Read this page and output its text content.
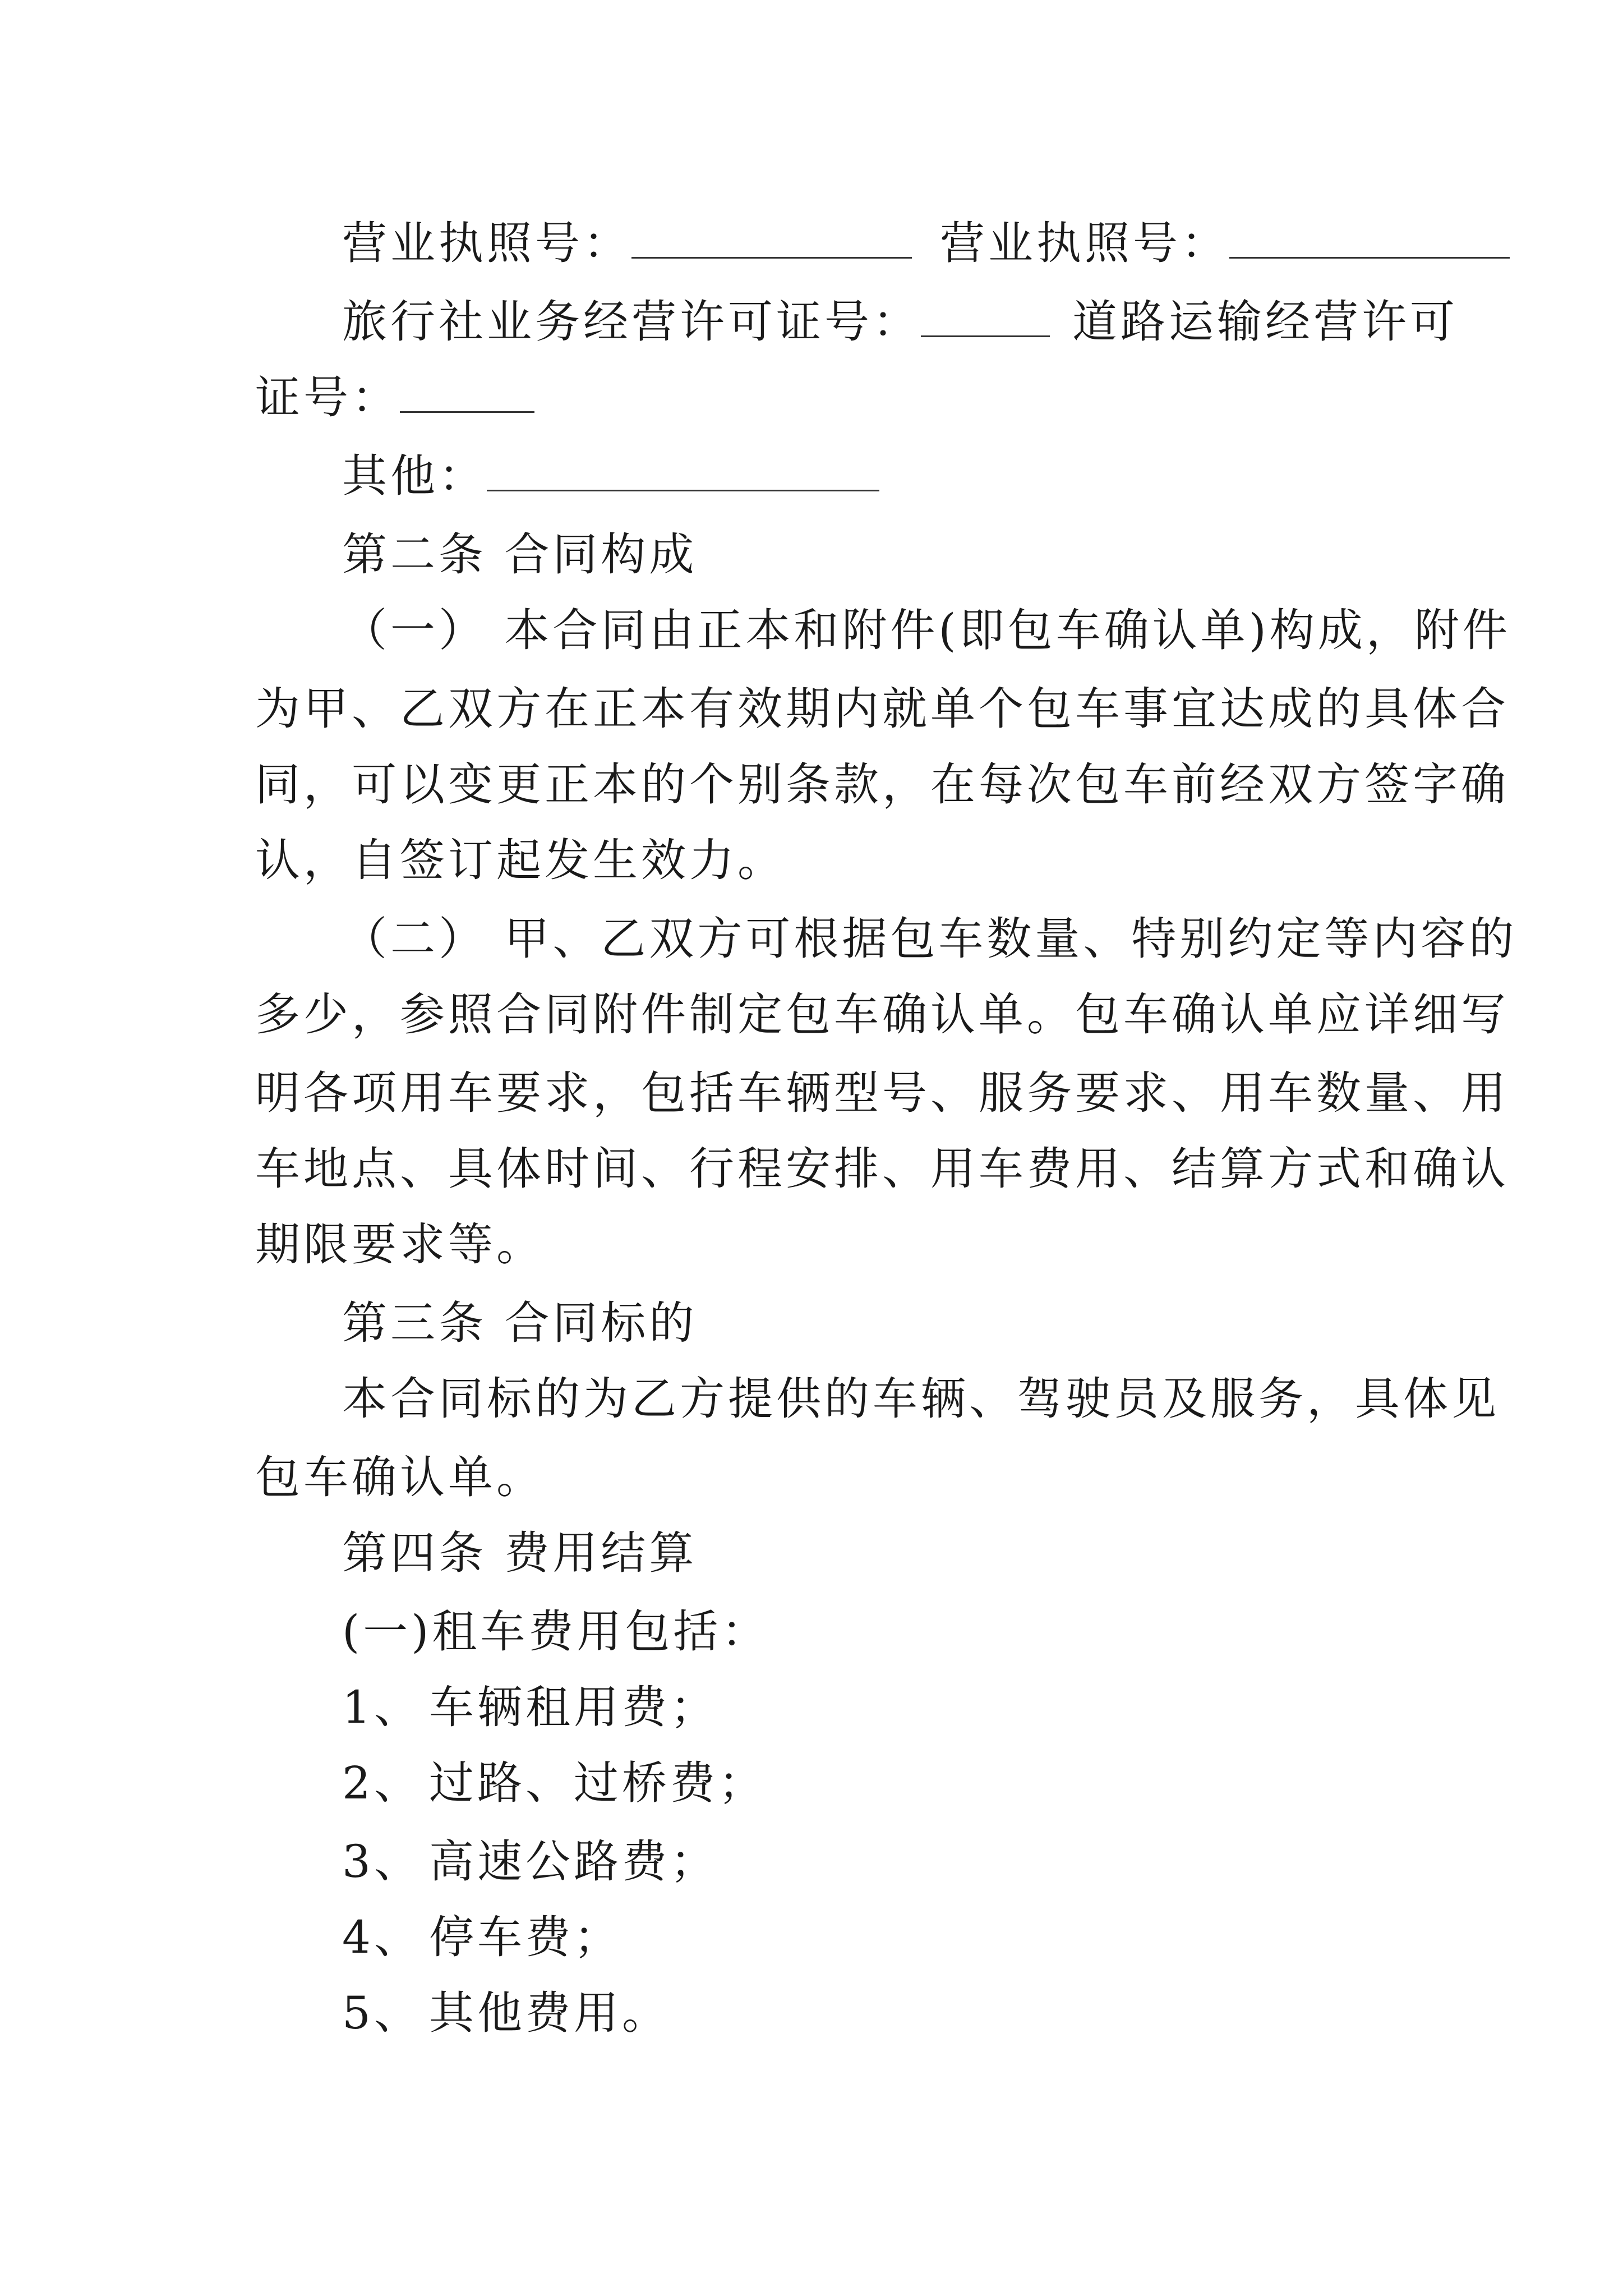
营业执照号：	营业执照号：
旅行社业务经营许可证号：	道路运输经营许可
证号：
其他：
第二条 合同构成
（一） 本合同由正本和附件(即包车确认单)构成，附件
为甲、乙双方在正本有效期内就单个包车事宜达成的具体合
同，可以变更正本的个别条款，在每次包车前经双方签字确
认，自签订起发生效力。
（二） 甲、乙双方可根据包车数量、特别约定等内容的
多少，参照合同附件制定包车确认单。包车确认单应详细写
明各项用车要求，包括车辆型号、服务要求、用车数量、用
车地点、具体时间、行程安排、用车费用、结算方式和确认
期限要求等。
第三条 合同标的
本合同标的为乙方提供的车辆、驾驶员及服务，具体见
包车确认单。
第四条 费用结算
(一)租车费用包括：
1、 车辆租用费；
2、 过路、过桥费；
3、 高速公路费；
4、 停车费；
5、 其他费用。
